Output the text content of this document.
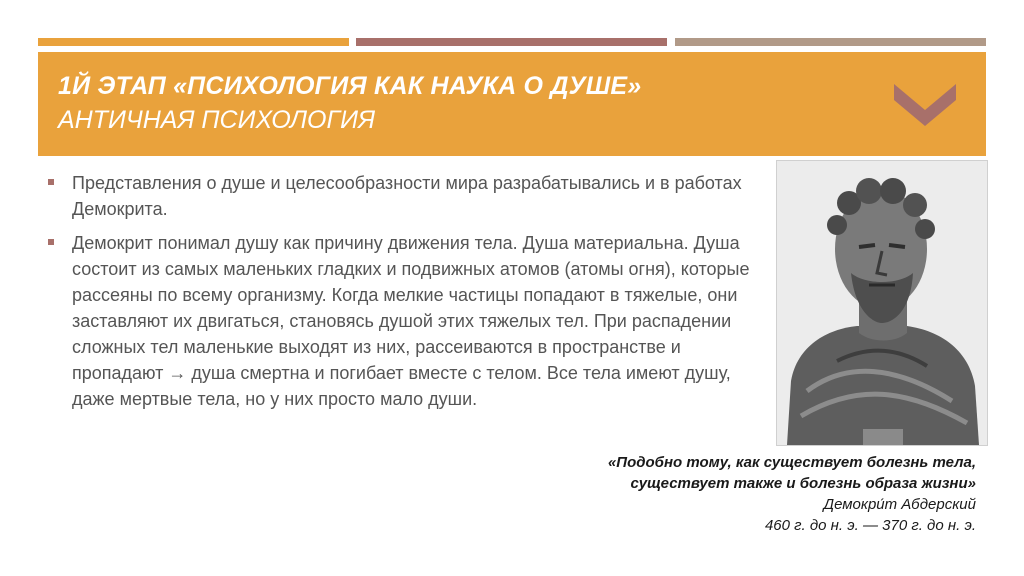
1Й ЭТАП «ПСИХОЛОГИЯ КАК НАУКА О ДУШЕ»
АНТИЧНАЯ ПСИХОЛОГИЯ
Представления о душе и целесообразности мира разрабатывались и в работах Демокрита.
Демокрит понимал душу как причину движения тела. Душа материальна. Душа состоит из самых маленьких гладких и подвижных атомов (атомы огня), которые рассеяны по всему организму. Когда мелкие частицы попадают в тяжелые, они заставляют их двигаться, становясь душой этих тяжелых тел. При распадении сложных тел маленькие выходят из них, рассеиваются в пространстве и пропадают → душа смертна и погибает вместе с телом. Все тела имеют душу, даже мертвые тела, но у них просто мало души.
«Подобно тому, как существует болезнь тела,
существует также и болезнь образа жизни»
Демокри́т Абдерский
460 г. до н. э. — 370 г. до н. э.
